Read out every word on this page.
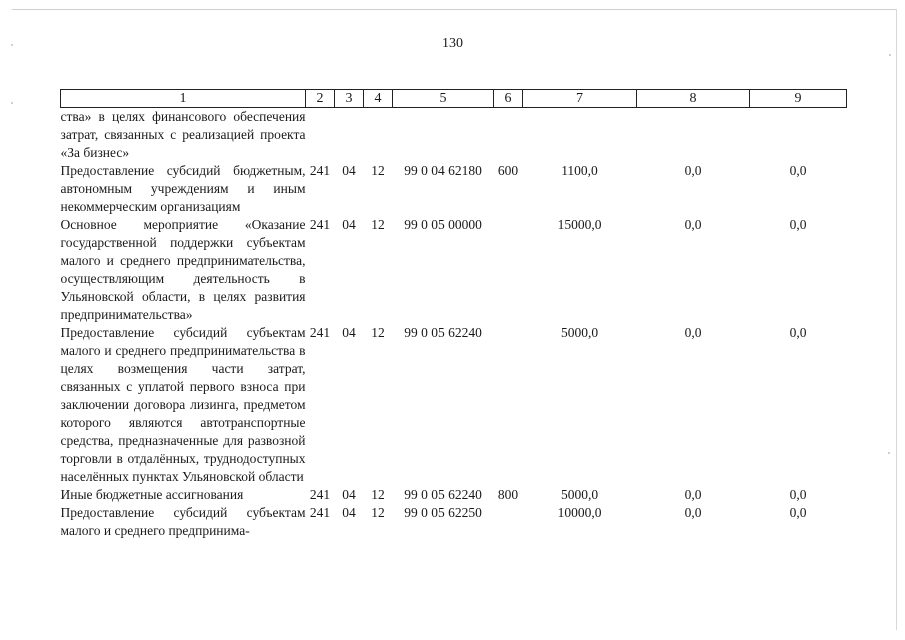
130
1	2	3	4	5	6	7	8	9
ства» в целях финансового обеспечения затрат, связанных с реализацией проекта «За бизнес»								
Предоставление субсидий бюджетным, автономным учреждениям и иным некоммерческим организациям	241	04	12	99 0 04 62180	600	1100,0	0,0	0,0
Основное мероприятие «Оказание государственной поддержки субъектам малого и среднего предпринимательства, осуществляющим деятельность в Ульяновской области, в целях развития предпринимательства»	241	04	12	99 0 05 00000		15000,0	0,0	0,0
Предоставление субсидий субъектам малого и среднего предпринимательства в целях возмещения части затрат, связанных с уплатой первого взноса при заключении договора лизинга, предметом которого являются автотранспортные средства, предназначенные для развозной торговли в отдалённых, труднодоступных населённых пунктах Ульяновской области	241	04	12	99 0 05 62240		5000,0	0,0	0,0
Иные бюджетные ассигнования	241	04	12	99 0 05 62240	800	5000,0	0,0	0,0
Предоставление субсидий субъектам малого и среднего предпринима-	241	04	12	99 0 05 62250		10000,0	0,0	0,0
